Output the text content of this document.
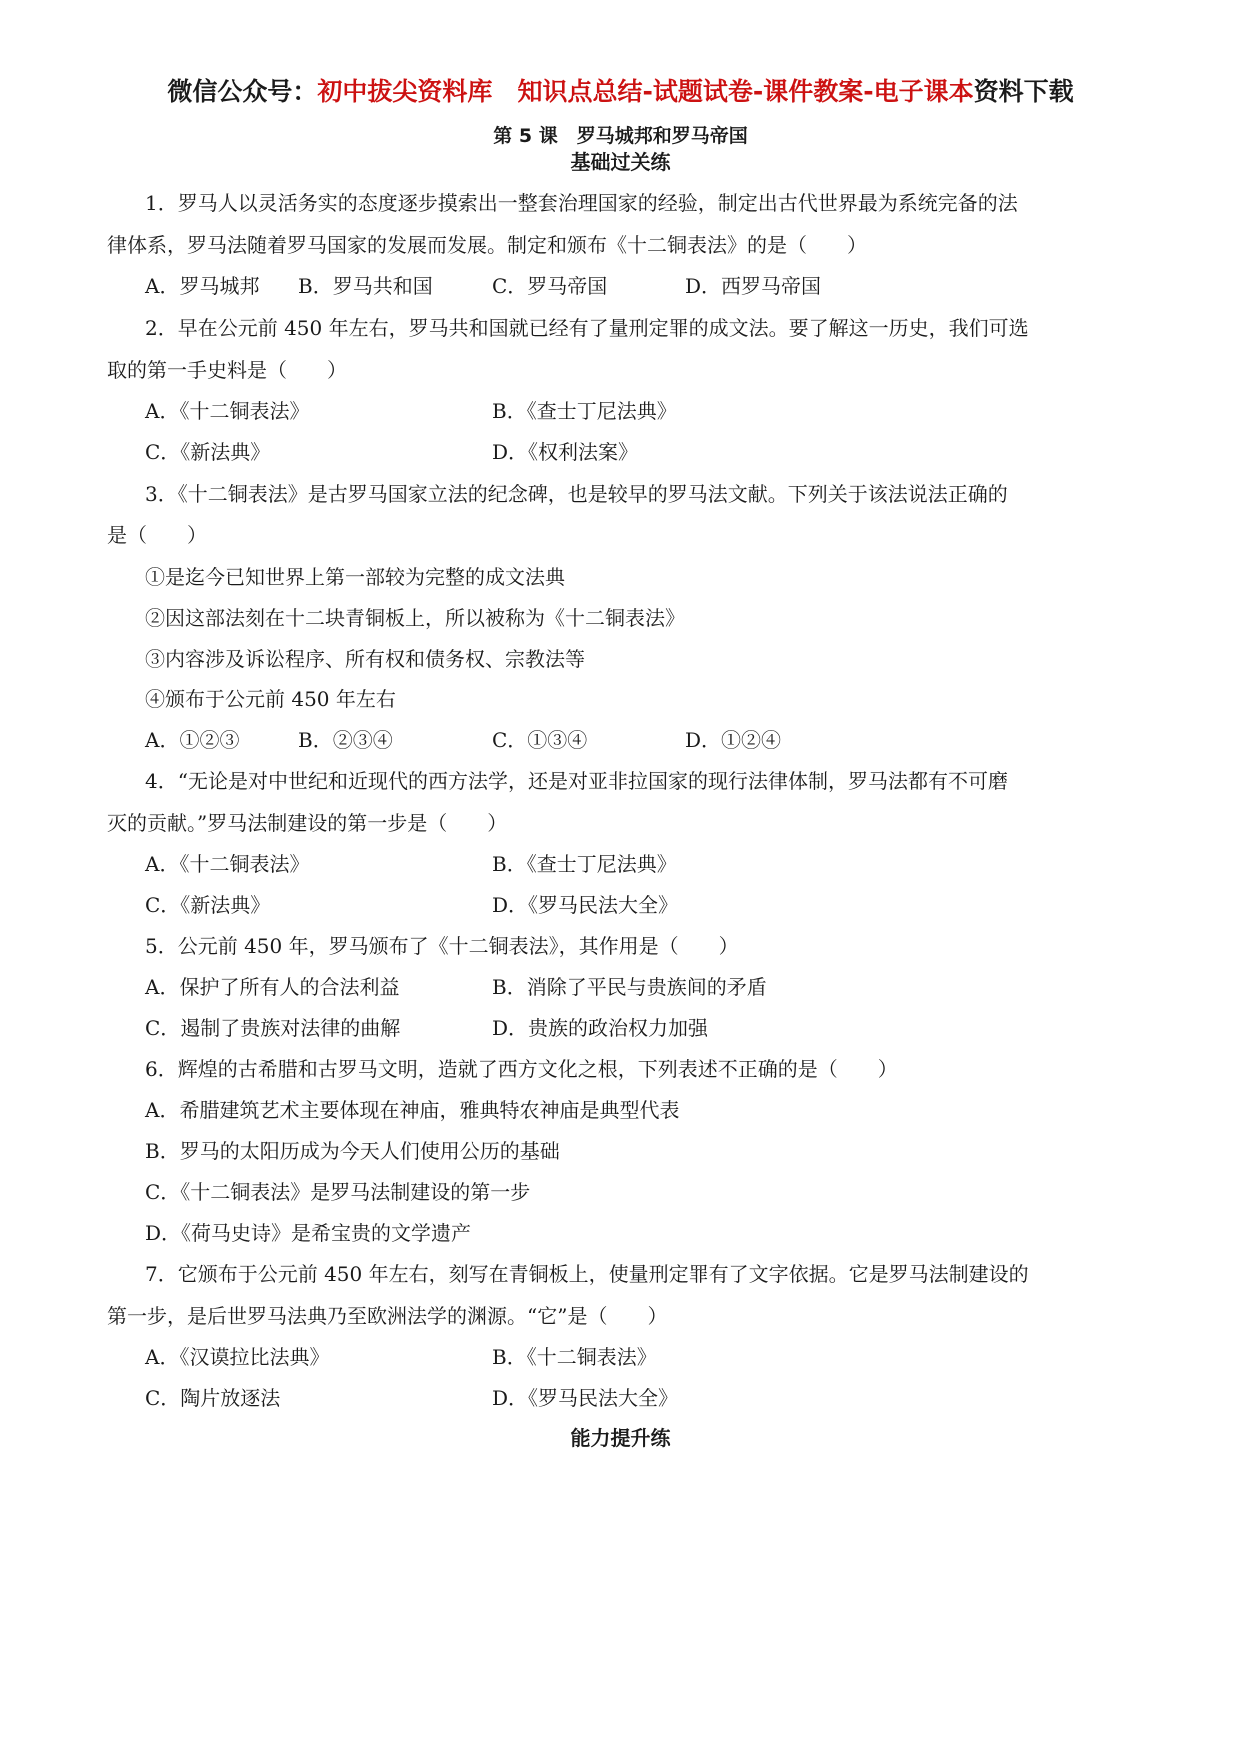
微信公众号：初中拔尖资料库　 知识点总结-试题试卷-课件教案-电子课本资料下载
第 5 课　罗马城邦和罗马帝国
基础过关练
1．罗马人以灵活务实的态度逐步摸索出一整套治理国家的经验，制定出古代世界最为系统完备的法
律体系，罗马法随着罗马国家的发展而发展。制定和颁布《十二铜表法》的是（　　）
A．罗马城邦 B．罗马共和国	C．罗马帝国	D．西罗马帝国
2．早在公元前 450 年左右，罗马共和国就已经有了量刑定罪的成文法。要了解这一历史，我们可选
取的第一手史料是（　　）
A．《十二铜表法》	B．《查士丁尼法典》
C．《新法典》	D．《权利法案》
3．《十二铜表法》是古罗马国家立法的纪念碑，也是较早的罗马法文献。下列关于该法说法正确的
是（　　）
①是迄今已知世界上第一部较为完整的成文法典
②因这部法刻在十二块青铜板上，所以被称为《十二铜表法》
③内容涉及诉讼程序、所有权和债务权、宗教法等
④颁布于公元前 450 年左右
A．①②③	B．②③④	C．①③④	D．①②④
4．“无论是对中世纪和近现代的西方法学，还是对亚非拉国家的现行法律体制，罗马法都有不可磨
灭的贡献。”罗马法制建设的第一步是（　　）
A．《十二铜表法》	B．《查士丁尼法典》
C．《新法典》	D．《罗马民法大全》
5．公元前 450 年，罗马颁布了《十二铜表法》，其作用是（　　）
A．保护了所有人的合法利益	B．消除了平民与贵族间的矛盾
C．遏制了贵族对法律的曲解	D．贵族的政治权力加强
6．辉煌的古希腊和古罗马文明，造就了西方文化之根，下列表述不正确的是（　　）
A．希腊建筑艺术主要体现在神庙，雅典特农神庙是典型代表
B．罗马的太阳历成为今天人们使用公历的基础
C．《十二铜表法》是罗马法制建设的第一步
D．《荷马史诗》是希宝贵的文学遗产
7．它颁布于公元前 450 年左右，刻写在青铜板上，使量刑定罪有了文字依据。它是罗马法制建设的
第一步，是后世罗马法典乃至欧洲法学的渊源。“它”是（　　）
A．《汉谟拉比法典》	B．《十二铜表法》
C．陶片放逐法	D．《罗马民法大全》
能力提升练
